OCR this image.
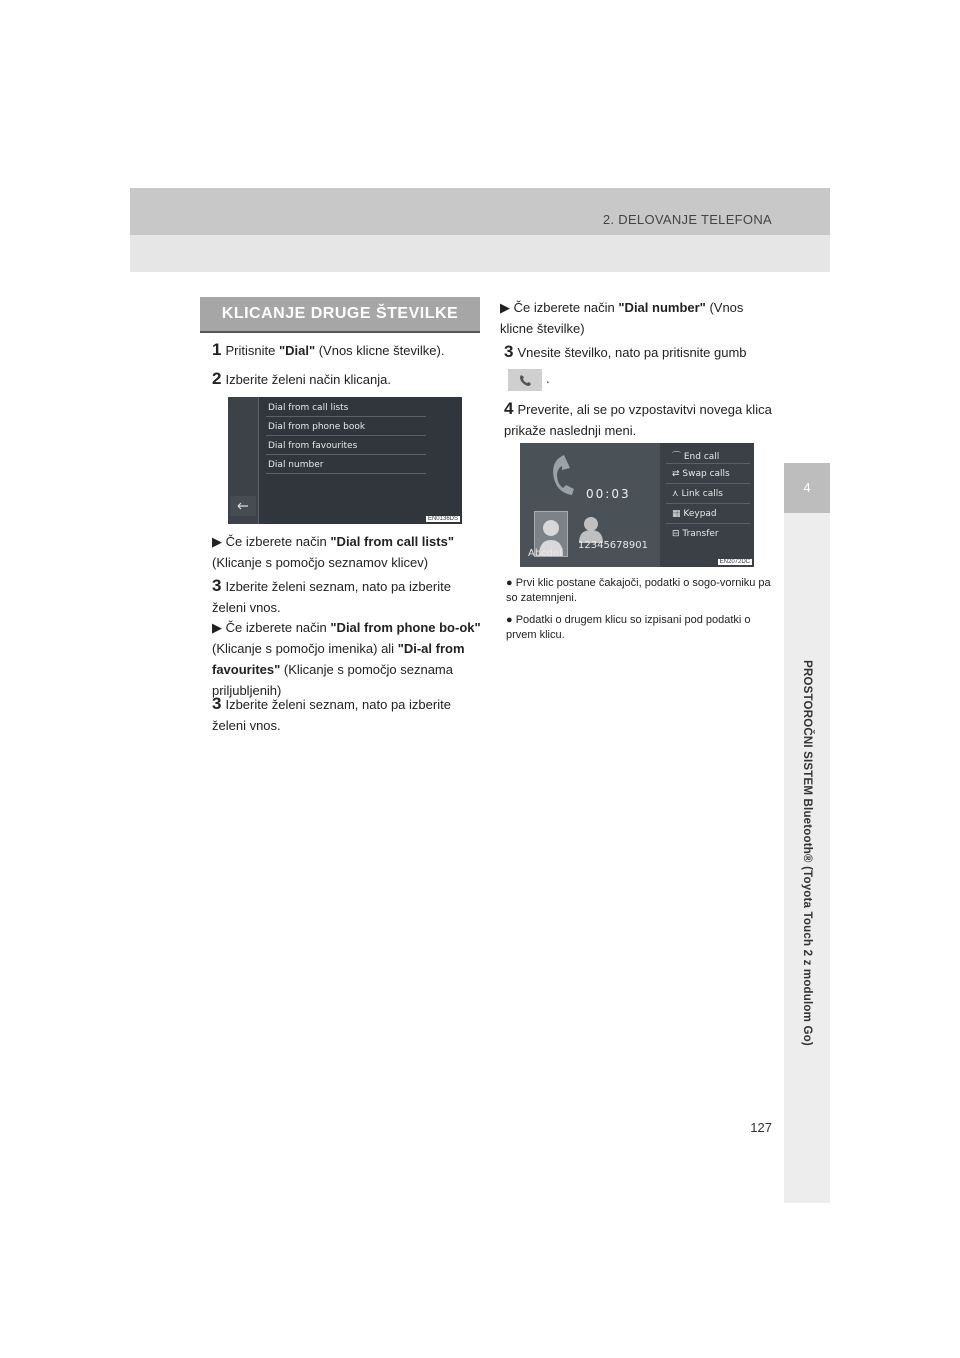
2. DELOVANJE TELEFONA
4
PROSTOROČNI SISTEM Bluetooth® (Toyota Touch 2 z modulom Go)
KLICANJE DRUGE ŠTEVILKE
1 Pritisnite "Dial" (Vnos klicne številke).
2 Izberite želeni način klicanja.
Dial from call lists
Dial from phone book
Dial from favourites
Dial number
EN0136DS
▶ Če izberete način "Dial from call lists"
(Klicanje s pomočjo seznamov klicev)
3 Izberite želeni seznam, nato pa izberite želeni vnos.
▶ Če izberete način "Dial from phone bo-ok" (Klicanje s pomočjo imenika) ali "Di-al from favourites" (Klicanje s pomočjo seznama priljubljenih)
3 Izberite želeni seznam, nato pa izberite želeni vnos.
▶ Če izberete način "Dial number" (Vnos klicne številke)
3 Vnesite številko, nato pa pritisnite gumb .
4 Preverite, ali se po vzpostavitvi novega klica prikaže naslednji meni.
00:03
Abcdef
12345678901
⌒ End call
⇄ Swap calls
⋏ Link calls
▦ Keypad
⊟ Transfer
EN2072DC
● Prvi klic postane čakajoči, podatki o sogo-vorniku pa so zatemnjeni.
● Podatki o drugem klicu so izpisani pod podatki o prvem klicu.
127
